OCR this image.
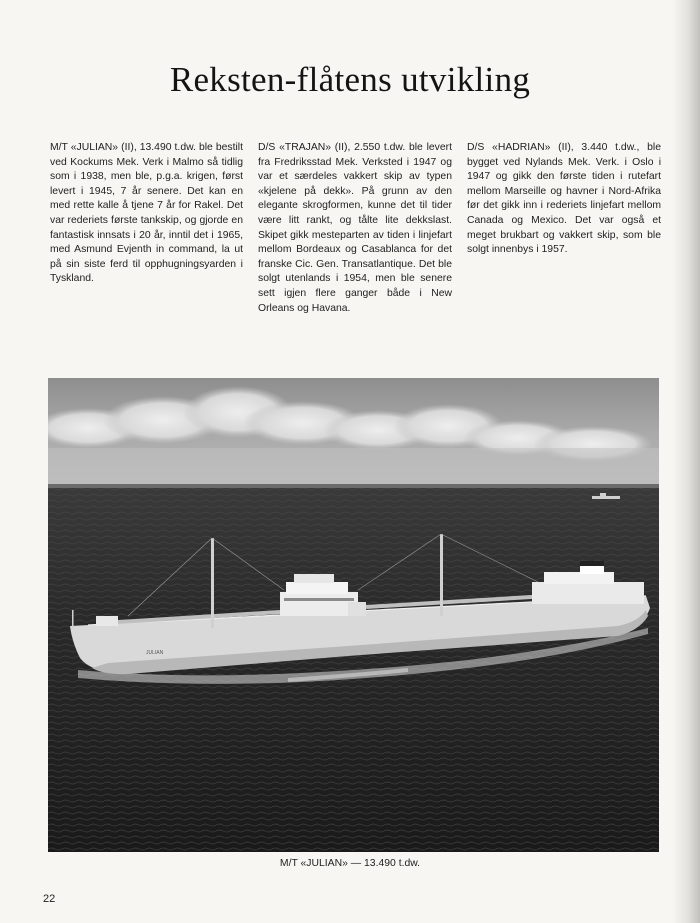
Reksten-flåtens utvikling
M/T «JULIAN» (II), 13.490 t.dw. ble bestilt ved Kockums Mek. Verk i Malmo så tidlig som i 1938, men ble, p.g.a. krigen, først levert i 1945, 7 år senere. Det kan en med rette kalle å tjene 7 år for Rakel. Det var rederiets første tankskip, og gjorde en fantastisk innsats i 20 år, inntil det i 1965, med Asmund Evjenth in command, la ut på sin siste ferd til opphugningsyarden i Tyskland.
D/S «TRAJAN» (II), 2.550 t.dw. ble levert fra Fredriksstad Mek. Verksted i 1947 og var et særdeles vakkert skip av typen «kjelene på dekk». På grunn av den elegante skrogformen, kunne det til tider være litt rankt, og tålte lite dekkslast. Skipet gikk mesteparten av tiden i linjefart mellom Bordeaux og Casablanca for det franske Cic. Gen. Transatlantique. Det ble solgt utenlands i 1954, men ble senere sett igjen flere ganger både i New Orleans og Havana.
D/S «HADRIAN» (II), 3.440 t.dw., ble bygget ved Nylands Mek. Verk. i Oslo i 1947 og gikk den første tiden i rutefart mellom Marseille og havner i Nord-Afrika før det gikk inn i rederiets linjefart mellom Canada og Mexico. Det var også et meget brukbart og vakkert skip, som ble solgt innenbys i 1957.
JULIAN
M/T «JULIAN» — 13.490 t.dw.
22
